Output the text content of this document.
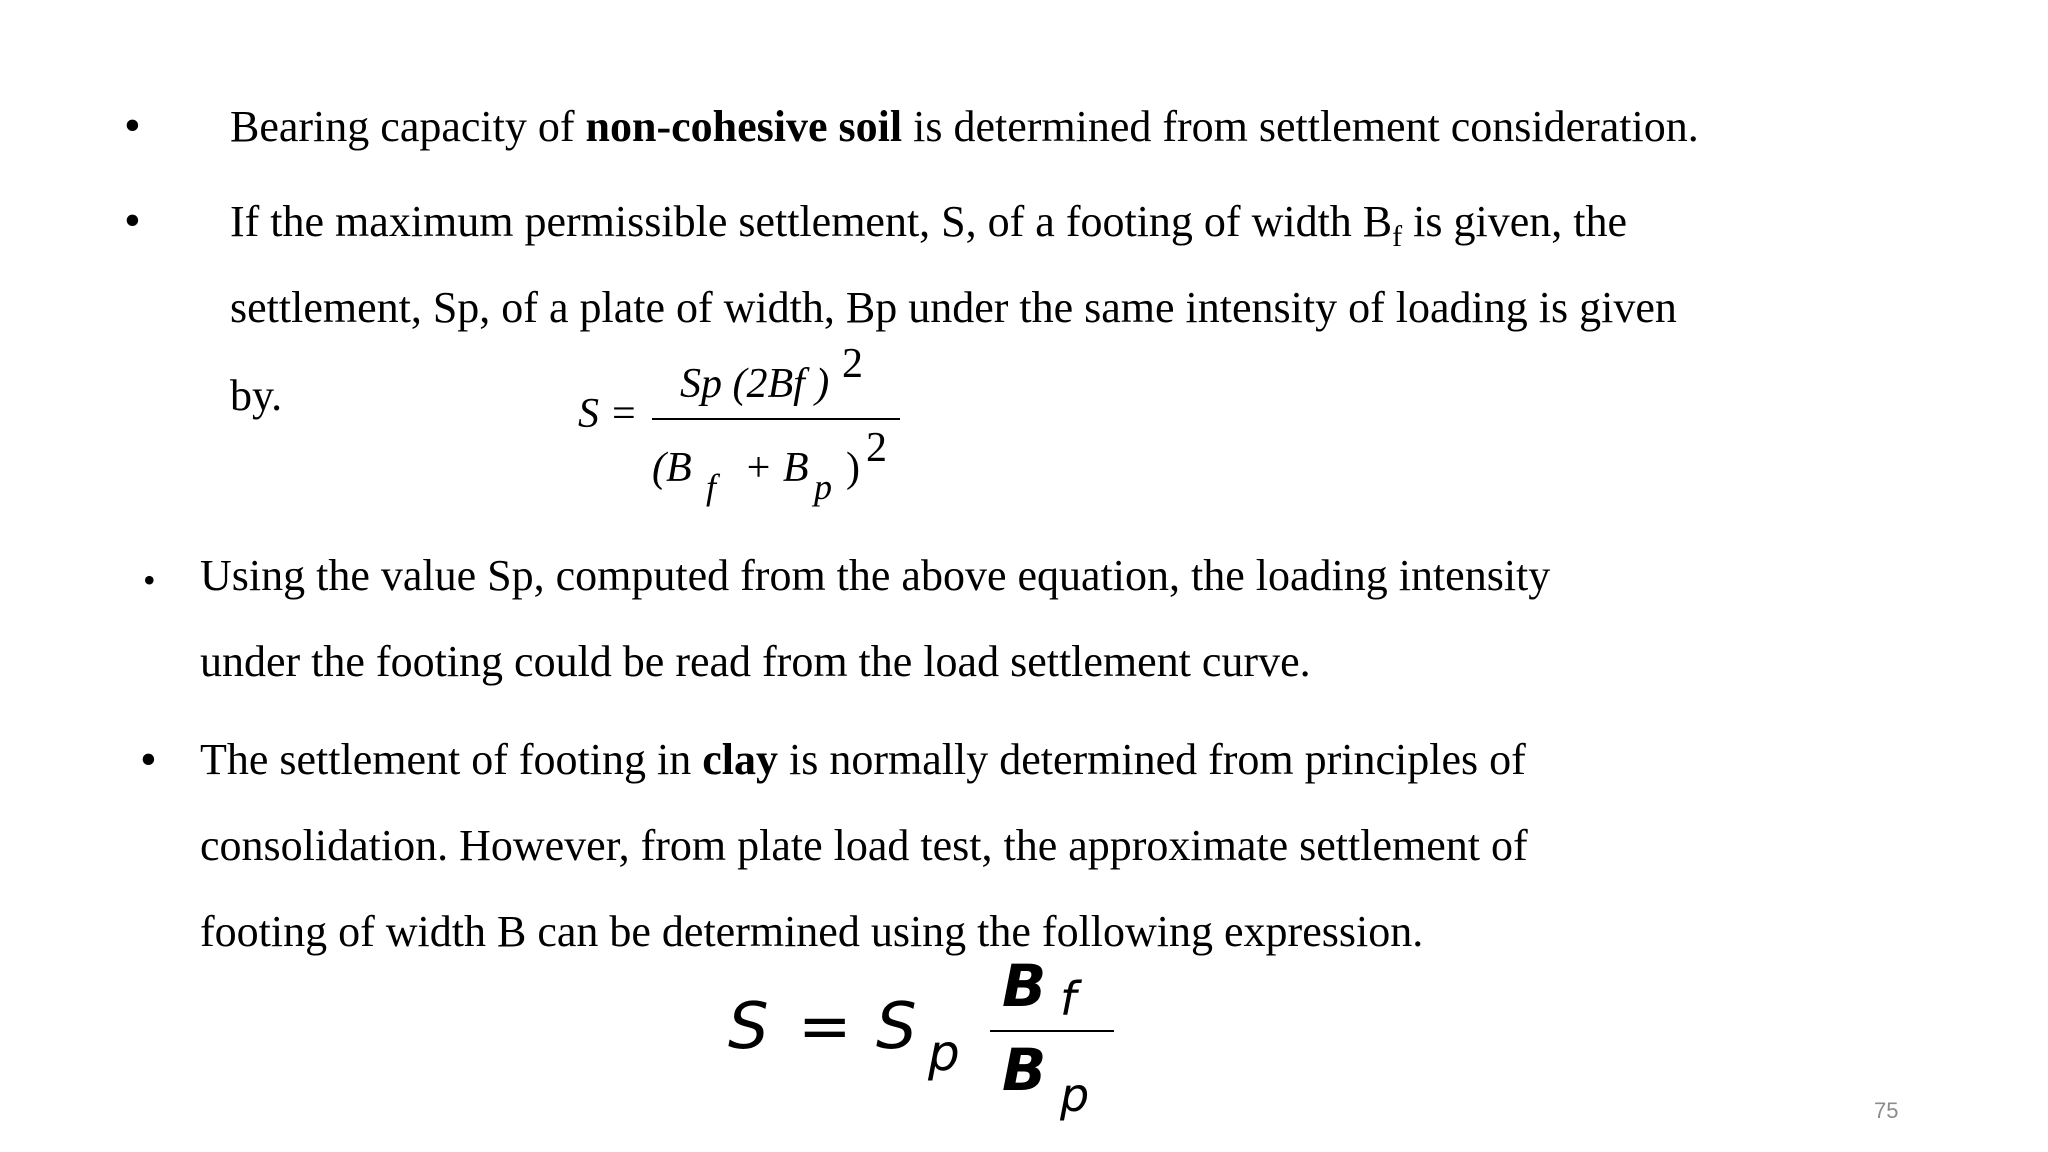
• Bearing capacity of non-cohesive soil is determined from settlement consideration.
• If the maximum permissible settlement, S, of a footing of width $B_f$ is given, the
settlement, Sp, of a plate of width, Bp under the same intensity of loading is given
by.	S =
Sp (2Bf ) 2
(B f + B p ) 2
• Using the value Sp, computed from the above equation, the loading intensity
under the footing could be read from the load settlement curve.
• The settlement of footing in clay is normally determined from principles of
consolidation. However, from plate load test, the approximate settlement of
footing of width B can be determined using the following expression.
S = S p
B f
B p	75
